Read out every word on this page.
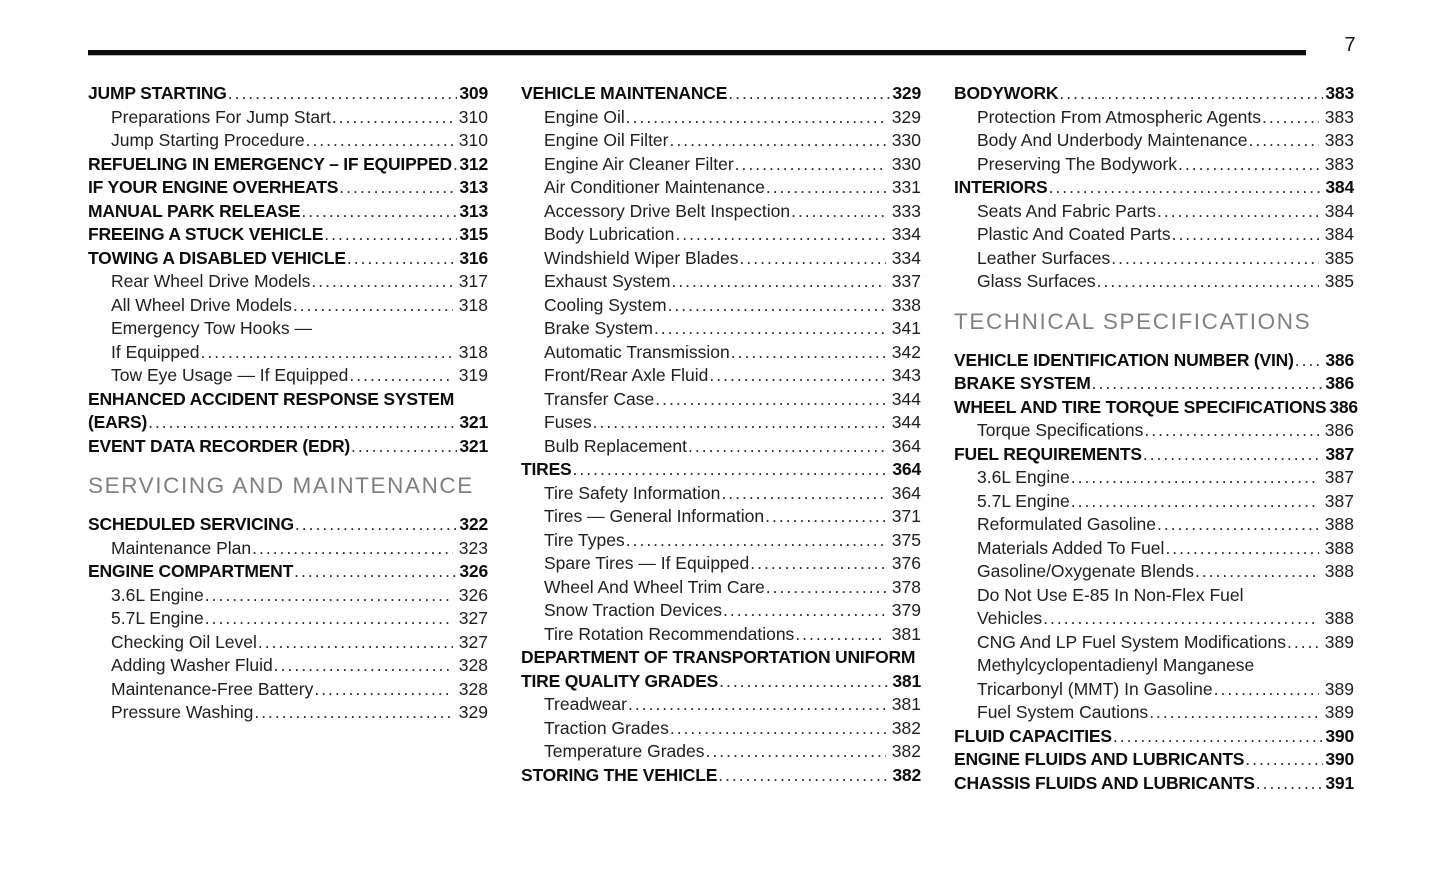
7
JUMP STARTING .....	309
Preparations For Jump Start .....	310
Jump Starting Procedure .....	310
REFUELING IN EMERGENCY – IF EQUIPPED ..... 312
IF YOUR ENGINE OVERHEATS .....	313
MANUAL PARK RELEASE .....	313
FREEING A STUCK VEHICLE .....	315
TOWING A DISABLED VEHICLE .....	316
Rear Wheel Drive Models .....	317
All Wheel Drive Models .....	318
Emergency Tow Hooks —
If Equipped .....	318
Tow Eye Usage — If Equipped .....	319
ENHANCED ACCIDENT RESPONSE SYSTEM
(EARS) .....	321
EVENT DATA RECORDER (EDR) .....	321
SERVICING AND MAINTENANCE
SCHEDULED SERVICING .....	322
Maintenance Plan .....	323
ENGINE COMPARTMENT .....	326
3.6L Engine .....	326
5.7L Engine .....	327
Checking Oil Level .....	327
Adding Washer Fluid .....	328
Maintenance-Free Battery .....	328
Pressure Washing .....	329
VEHICLE MAINTENANCE .....	329
Engine Oil .....	329
Engine Oil Filter .....	330
Engine Air Cleaner Filter .....	330
Air Conditioner Maintenance .....	331
Accessory Drive Belt Inspection .....	333
Body Lubrication .....	334
Windshield Wiper Blades .....	334
Exhaust System .....	337
Cooling System .....	338
Brake System .....	341
Automatic Transmission .....	342
Front/Rear Axle Fluid .....	343
Transfer Case .....	344
Fuses .....	344
Bulb Replacement .....	364
TIRES .....	364
Tire Safety Information .....	364
Tires — General Information .....	371
Tire Types .....	375
Spare Tires — If Equipped .....	376
Wheel And Wheel Trim Care .....	378
Snow Traction Devices .....	379
Tire Rotation Recommendations .....	381
DEPARTMENT OF TRANSPORTATION UNIFORM
TIRE QUALITY GRADES .....	381
Treadwear .....	381
Traction Grades .....	382
Temperature Grades .....	382
STORING THE VEHICLE .....	382
BODYWORK .....	383
Protection From Atmospheric Agents .....	383
Body And Underbody Maintenance .....	383
Preserving The Bodywork .....	383
INTERIORS .....	384
Seats And Fabric Parts .....	384
Plastic And Coated Parts .....	384
Leather Surfaces .....	385
Glass Surfaces .....	385
TECHNICAL SPECIFICATIONS
VEHICLE IDENTIFICATION NUMBER (VIN) ..... 386
BRAKE SYSTEM .....	386
WHEEL AND TIRE TORQUE SPECIFICATIONS 386
Torque Specifications .....	386
FUEL REQUIREMENTS .....	387
3.6L Engine .....	387
5.7L Engine .....	387
Reformulated Gasoline .....	388
Materials Added To Fuel .....	388
Gasoline/Oxygenate Blends .....	388
Do Not Use E-85 In Non-Flex Fuel
Vehicles .....	388
CNG And LP Fuel System Modifications ..... 389
Methylcyclopentadienyl Manganese
Tricarbonyl (MMT) In Gasoline .....	389
Fuel System Cautions .....	389
FLUID CAPACITIES .....	390
ENGINE FLUIDS AND LUBRICANTS .....	390
CHASSIS FLUIDS AND LUBRICANTS .....	391
